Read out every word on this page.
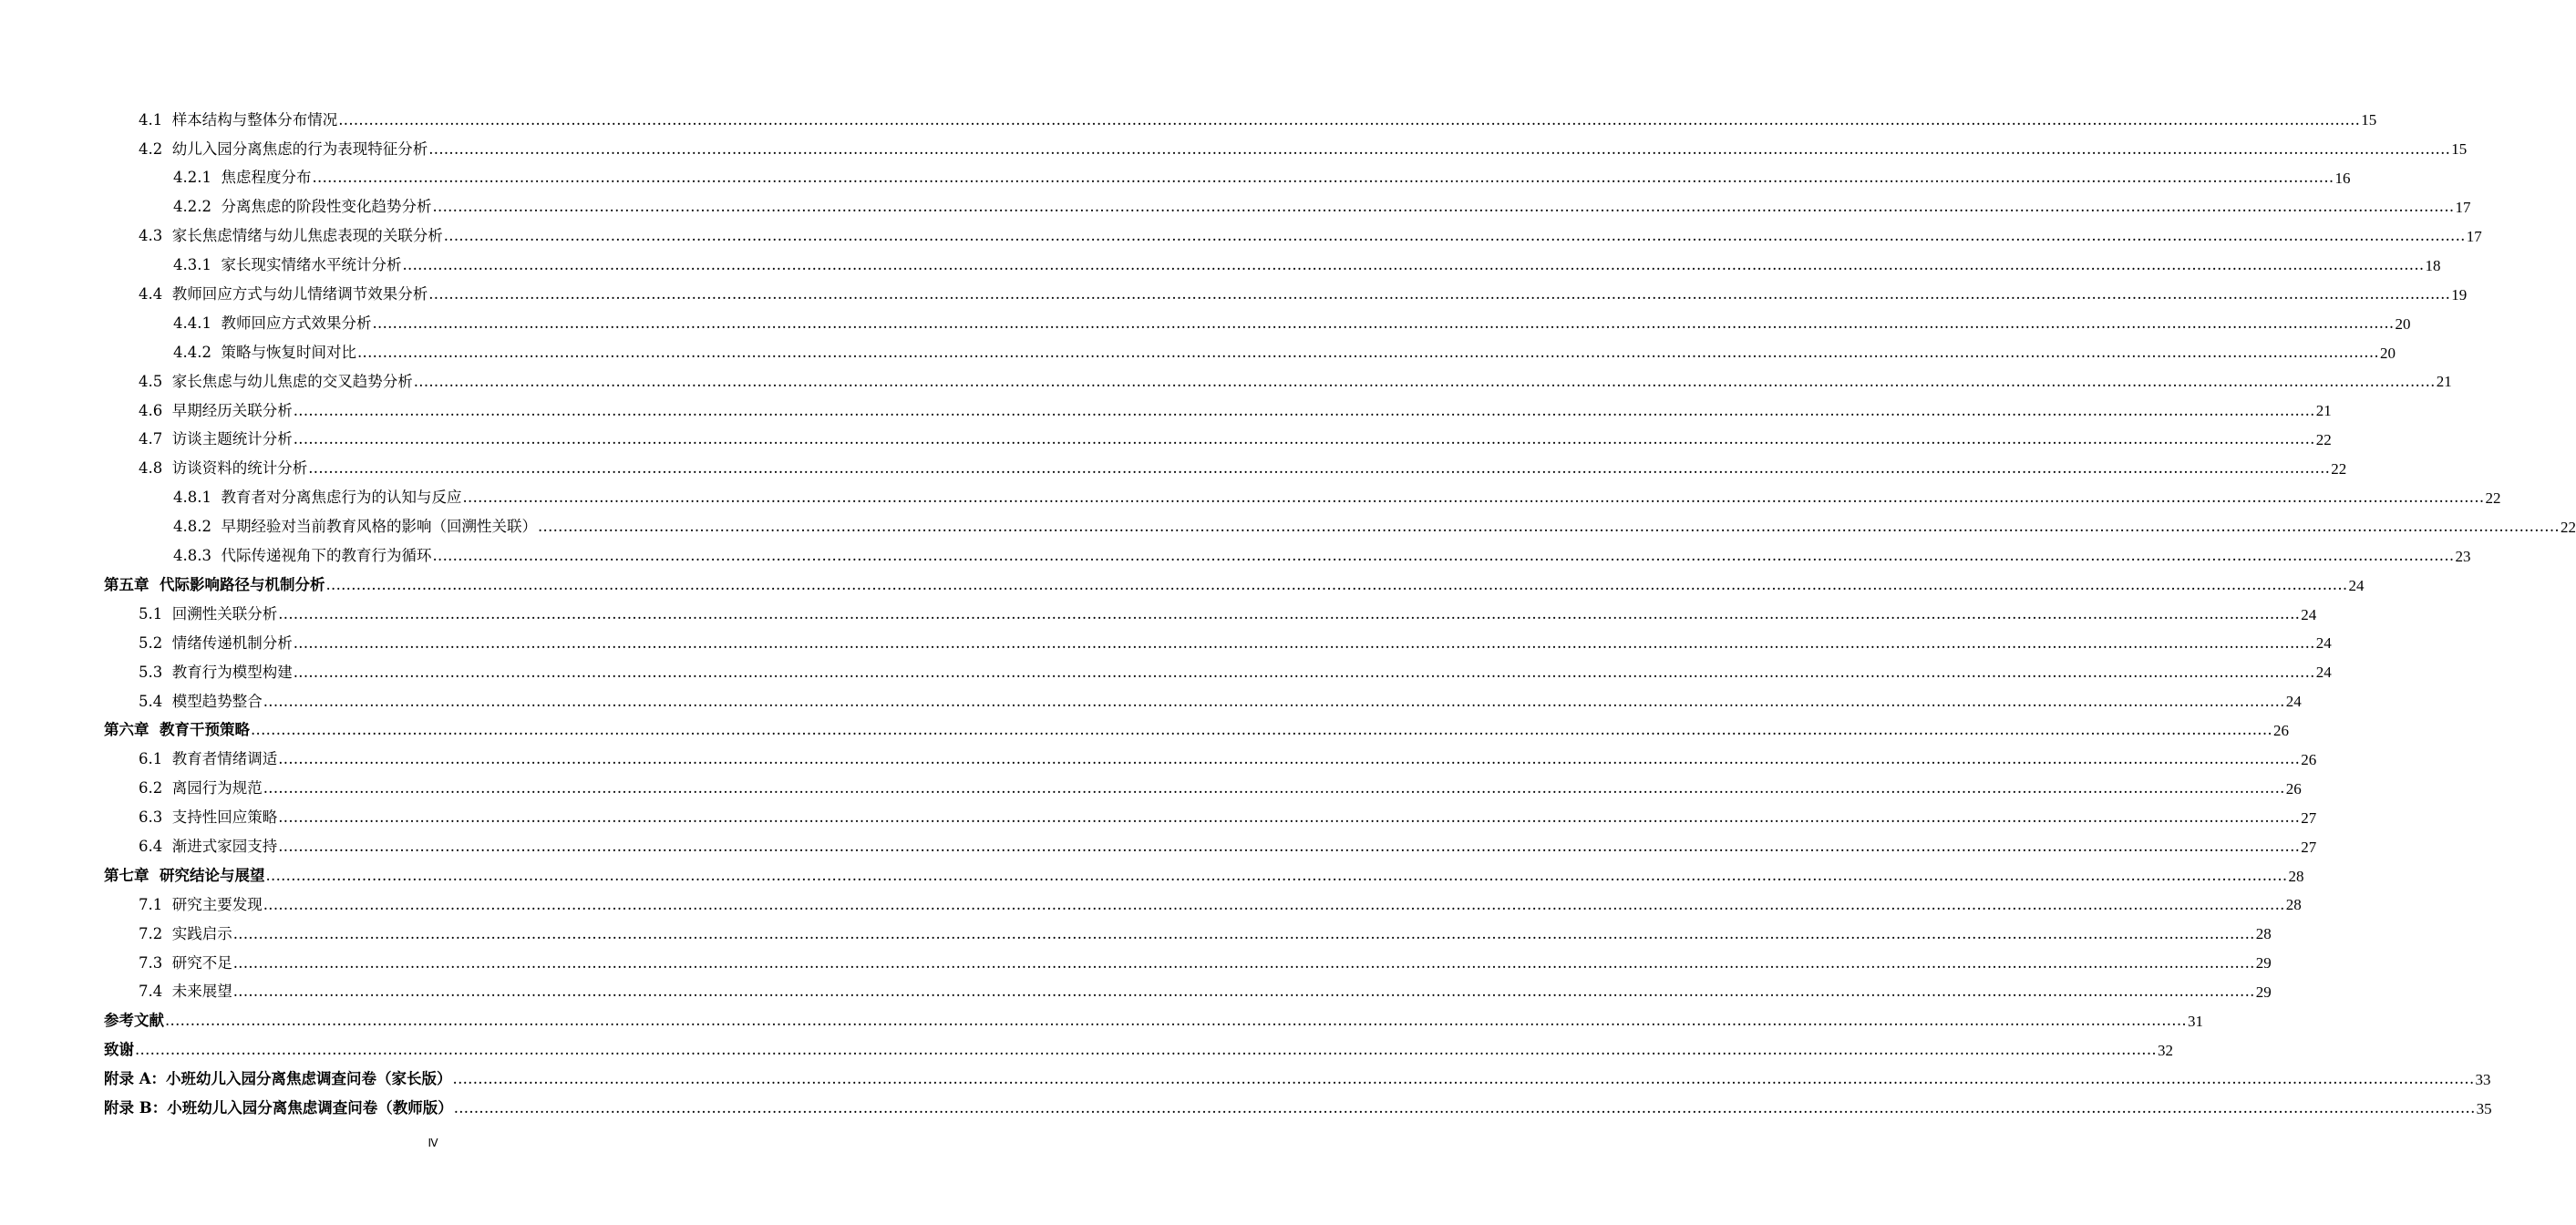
4.1
样本结构与整体分布情况 ................................................................................................................................................................................................................................................................................................................................................................................................................ 15
4.2
幼儿入园分离焦虑的行为表现特征分析 ................................................................................................................................................................................................................................................................................................................................................................................................................ 15
4.2.1
焦虑程度分布 ................................................................................................................................................................................................................................................................................................................................................................................................................ 16
4.2.2
分离焦虑的阶段性变化趋势分析 ................................................................................................................................................................................................................................................................................................................................................................................................................ 17
4.3
家长焦虑情绪与幼儿焦虑表现的关联分析 ................................................................................................................................................................................................................................................................................................................................................................................................................ 17
4.3.1
家长现实情绪水平统计分析 ................................................................................................................................................................................................................................................................................................................................................................................................................ 18
4.4
教师回应方式与幼儿情绪调节效果分析 ................................................................................................................................................................................................................................................................................................................................................................................................................ 19
4.4.1
教师回应方式效果分析 ................................................................................................................................................................................................................................................................................................................................................................................................................ 20
4.4.2
策略与恢复时间对比 ................................................................................................................................................................................................................................................................................................................................................................................................................ 20
4.5
家长焦虑与幼儿焦虑的交叉趋势分析 ................................................................................................................................................................................................................................................................................................................................................................................................................ 21
4.6
早期经历关联分析 ................................................................................................................................................................................................................................................................................................................................................................................................................ 21
4.7
访谈主题统计分析 ................................................................................................................................................................................................................................................................................................................................................................................................................ 22
4.8
访谈资料的统计分析 ................................................................................................................................................................................................................................................................................................................................................................................................................ 22
4.8.1
教育者对分离焦虑行为的认知与反应 ................................................................................................................................................................................................................................................................................................................................................................................................................ 22
4.8.2
早期经验对当前教育风格的影响（回溯性关联） ................................................................................................................................................................................................................................................................................................................................................................................................................ 22
4.8.3
代际传递视角下的教育行为循环 ................................................................................................................................................................................................................................................................................................................................................................................................................ 23
第五章
代际影响路径与机制分析 ................................................................................................................................................................................................................................................................................................................................................................................................................ 24
5.1
回溯性关联分析 ................................................................................................................................................................................................................................................................................................................................................................................................................ 24
5.2
情绪传递机制分析 ................................................................................................................................................................................................................................................................................................................................................................................................................ 24
5.3
教育行为模型构建 ................................................................................................................................................................................................................................................................................................................................................................................................................ 24
5.4
模型趋势整合 ................................................................................................................................................................................................................................................................................................................................................................................................................ 24
第六章
教育干预策略 ................................................................................................................................................................................................................................................................................................................................................................................................................ 26
6.1
教育者情绪调适 ................................................................................................................................................................................................................................................................................................................................................................................................................ 26
6.2
离园行为规范 ................................................................................................................................................................................................................................................................................................................................................................................................................ 26
6.3
支持性回应策略 ................................................................................................................................................................................................................................................................................................................................................................................................................ 27
6.4
渐进式家园支持 ................................................................................................................................................................................................................................................................................................................................................................................................................ 27
第七章
研究结论与展望 ................................................................................................................................................................................................................................................................................................................................................................................................................ 28
7.1
研究主要发现 ................................................................................................................................................................................................................................................................................................................................................................................................................ 28
7.2
实践启示 ................................................................................................................................................................................................................................................................................................................................................................................................................ 28
7.3
研究不足 ................................................................................................................................................................................................................................................................................................................................................................................................................ 29
7.4
未来展望 ................................................................................................................................................................................................................................................................................................................................................................................................................ 29
参考文献 ................................................................................................................................................................................................................................................................................................................................................................................................................ 31
致谢 ................................................................................................................................................................................................................................................................................................................................................................................................................ 32
附录 A：小班幼儿入园分离焦虑调查问卷（家长版） ................................................................................................................................................................................................................................................................................................................................................................................................................ 33
附录 B：小班幼儿入园分离焦虑调查问卷（教师版） ................................................................................................................................................................................................................................................................................................................................................................................................................ 35
Ⅳ
